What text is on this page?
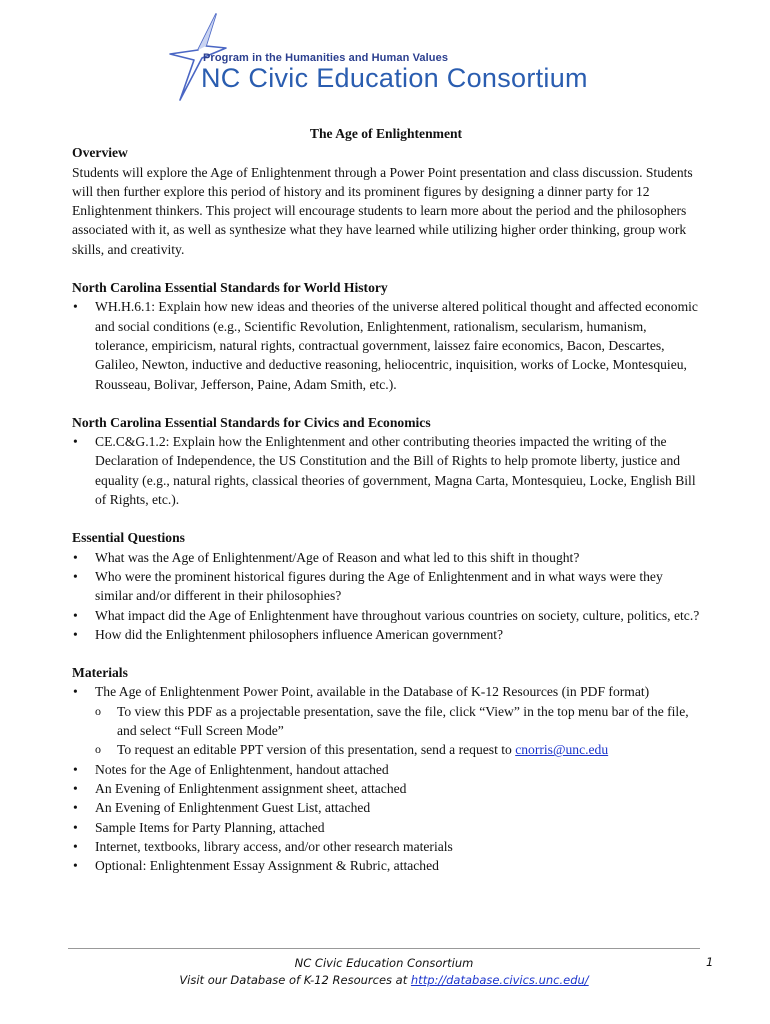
Program in the Humanities and Human Values
NC Civic Education Consortium

The Age of Enlightenment

Overview

Students will explore the Age of Enlightenment through a Power Point presentation and class discussion. Students will then further explore this period of history and its prominent figures by designing a dinner party for 12 Enlightenment thinkers. This project will encourage students to learn more about the period and the philosophers associated with it, as well as synthesize what they have learned while utilizing higher order thinking, group work skills, and creativity.

North Carolina Essential Standards for World History

• WH.H.6.1: Explain how new ideas and theories of the universe altered political thought and affected economic and social conditions (e.g., Scientific Revolution, Enlightenment, rationalism, secularism, humanism, tolerance, empiricism, natural rights, contractual government, laissez faire economics, Bacon, Descartes, Galileo, Newton, inductive and deductive reasoning, heliocentric, inquisition, works of Locke, Montesquieu, Rousseau, Bolivar, Jefferson, Paine, Adam Smith, etc.).

North Carolina Essential Standards for Civics and Economics

• CE.C&G.1.2: Explain how the Enlightenment and other contributing theories impacted the writing of the Declaration of Independence, the US Constitution and the Bill of Rights to help promote liberty, justice and equality (e.g., natural rights, classical theories of government, Magna Carta, Montesquieu, Locke, English Bill of Rights, etc.).

Essential Questions

• What was the Age of Enlightenment/Age of Reason and what led to this shift in thought?
• Who were the prominent historical figures during the Age of Enlightenment and in what ways were they similar and/or different in their philosophies?
• What impact did the Age of Enlightenment have throughout various countries on society, culture, politics, etc.?
• How did the Enlightenment philosophers influence American government?

Materials

• The Age of Enlightenment Power Point, available in the Database of K-12 Resources (in PDF format)
o To view this PDF as a projectable presentation, save the file, click “View” in the top menu bar of the file, and select “Full Screen Mode”
o To request an editable PPT version of this presentation, send a request to cnorris@unc.edu
• Notes for the Age of Enlightenment, handout attached
• An Evening of Enlightenment assignment sheet, attached
• An Evening of Enlightenment Guest List, attached
• Sample Items for Party Planning, attached
• Internet, textbooks, library access, and/or other research materials
• Optional: Enlightenment Essay Assignment & Rubric, attached
NC Civic Education Consortium
Visit our Database of K-12 Resources at http://database.civics.unc.edu/
1
